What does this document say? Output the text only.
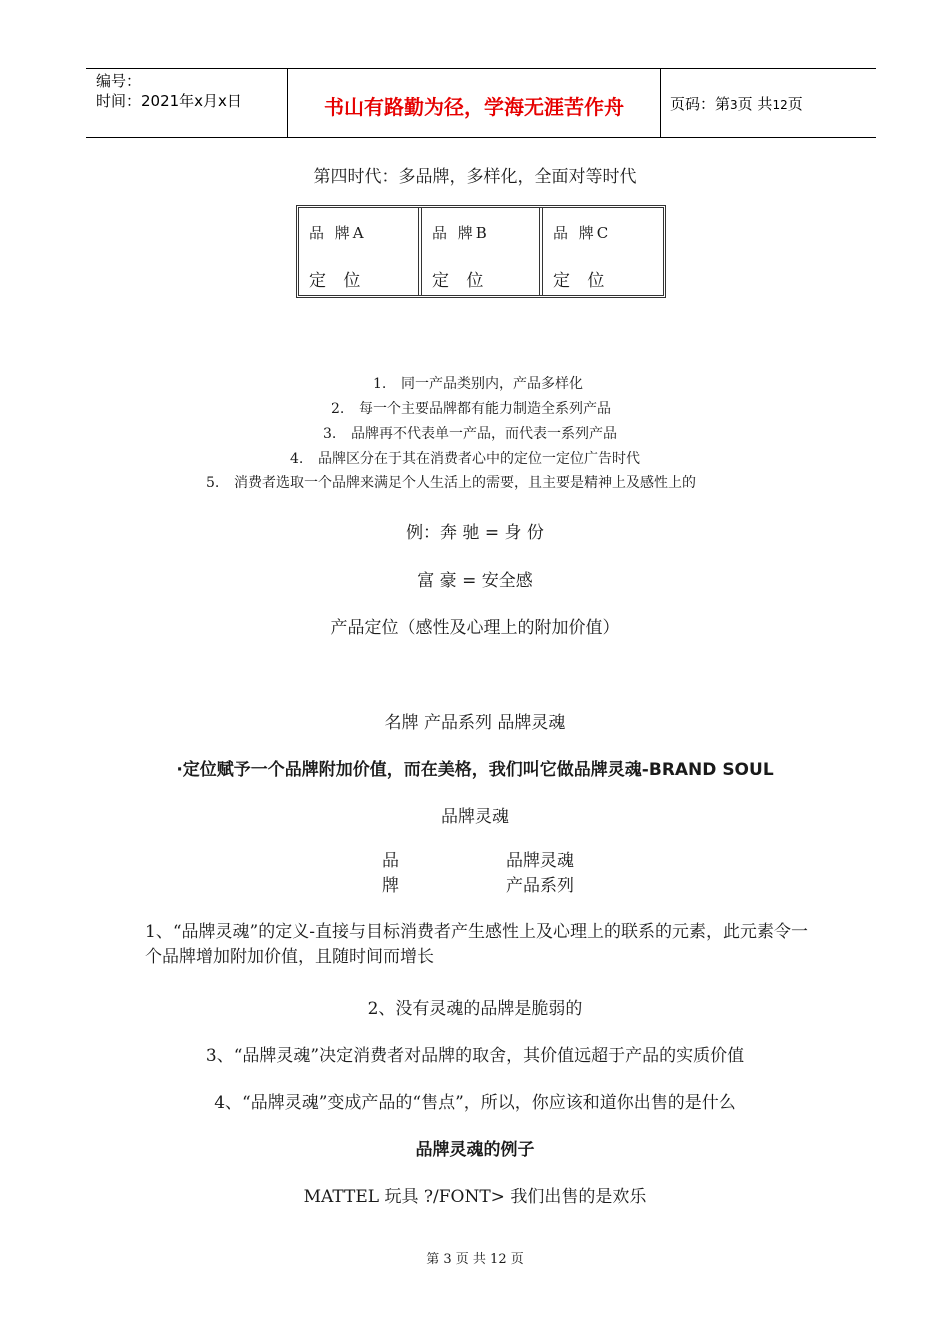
编号：
时间：2021年x月x日	书山有路勤为径，学海无涯苦作舟	页码：第3页 共12页
第四时代：多品牌，多样化，全面对等时代
品 牌A
定 位
品 牌B
定 位
品 牌C
定 位
1. 同一产品类别内，产品多样化
2. 每一个主要品牌都有能力制造全系列产品
3. 品牌再不代表单一产品，而代表一系列产品
4. 品牌区分在于其在消费者心中的定位一定位广告时代
5. 消费者选取一个品牌来满足个人生活上的需要，且主要是精神上及感性上的
例：奔 驰 = 身 份
富 豪 = 安全感
产品定位（感性及心理上的附加价值）
名牌 产品系列 品牌灵魂
·定位赋予一个品牌附加价值，而在美格，我们叫它做品牌灵魂-BRAND SOUL
品牌灵魂
品
牌
品牌灵魂
产品系列
1、“品牌灵魂”的定义-直接与目标消费者产生感性上及心理上的联系的元素，此元素令一个品牌增加附加价值，且随时间而增长
2、没有灵魂的品牌是脆弱的
3、“品牌灵魂”决定消费者对品牌的取舍，其价值远超于产品的实质价值
4、“品牌灵魂”变成产品的“售点”，所以，你应该和道你出售的是什么
品牌灵魂的例子
MATTEL 玩具 ?/FONT> 我们出售的是欢乐
第 3 页 共 12 页
